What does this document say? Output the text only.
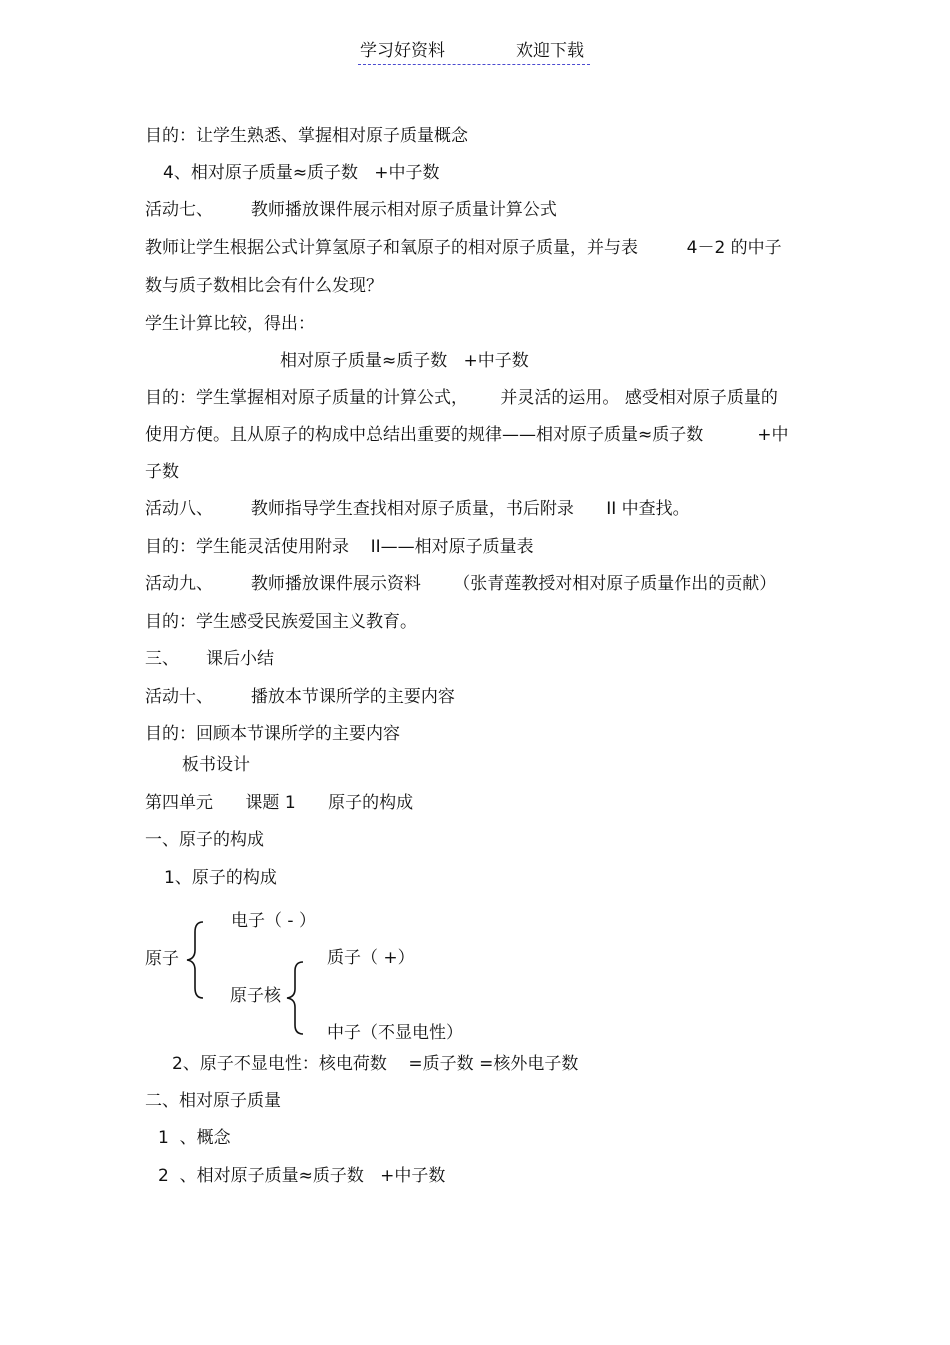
学习好资料	欢迎下载
目的：让学生熟悉、掌握相对原子质量概念
4、相对原子质量≈质子数   +中子数
活动七、       教师播放课件展示相对原子质量计算公式
教师让学生根据公式计算氢原子和氧原子的相对原子质量，并与表         4－2 的中子
数与质子数相比会有什么发现？
学生计算比较，得出：
相对原子质量≈质子数   +中子数
目的：学生掌握相对原子质量的计算公式，      并灵活的运用。 感受相对原子质量的
使用方便。且从原子的构成中总结出重要的规律——相对原子质量≈质子数          +中
子数
活动八、       教师指导学生查找相对原子质量，书后附录      II 中查找。
目的：学生能灵活使用附录    II——相对原子质量表
活动九、       教师播放课件展示资料      （张青莲教授对相对原子质量作出的贡献）
目的：学生感受民族爱国主义教育。
三、     课后小结
活动十、       播放本节课所学的主要内容
目的：回顾本节课所学的主要内容
板书设计
第四单元      课题 1      原子的构成
一、原子的构成
1、原子的构成
原子
电子（ - ）
原子核
质子（ +）
中子（不显电性）
2、原子不显电性：核电荷数    =质子数 =核外电子数
二、相对原子质量
1  、概念
2  、相对原子质量≈质子数   +中子数
